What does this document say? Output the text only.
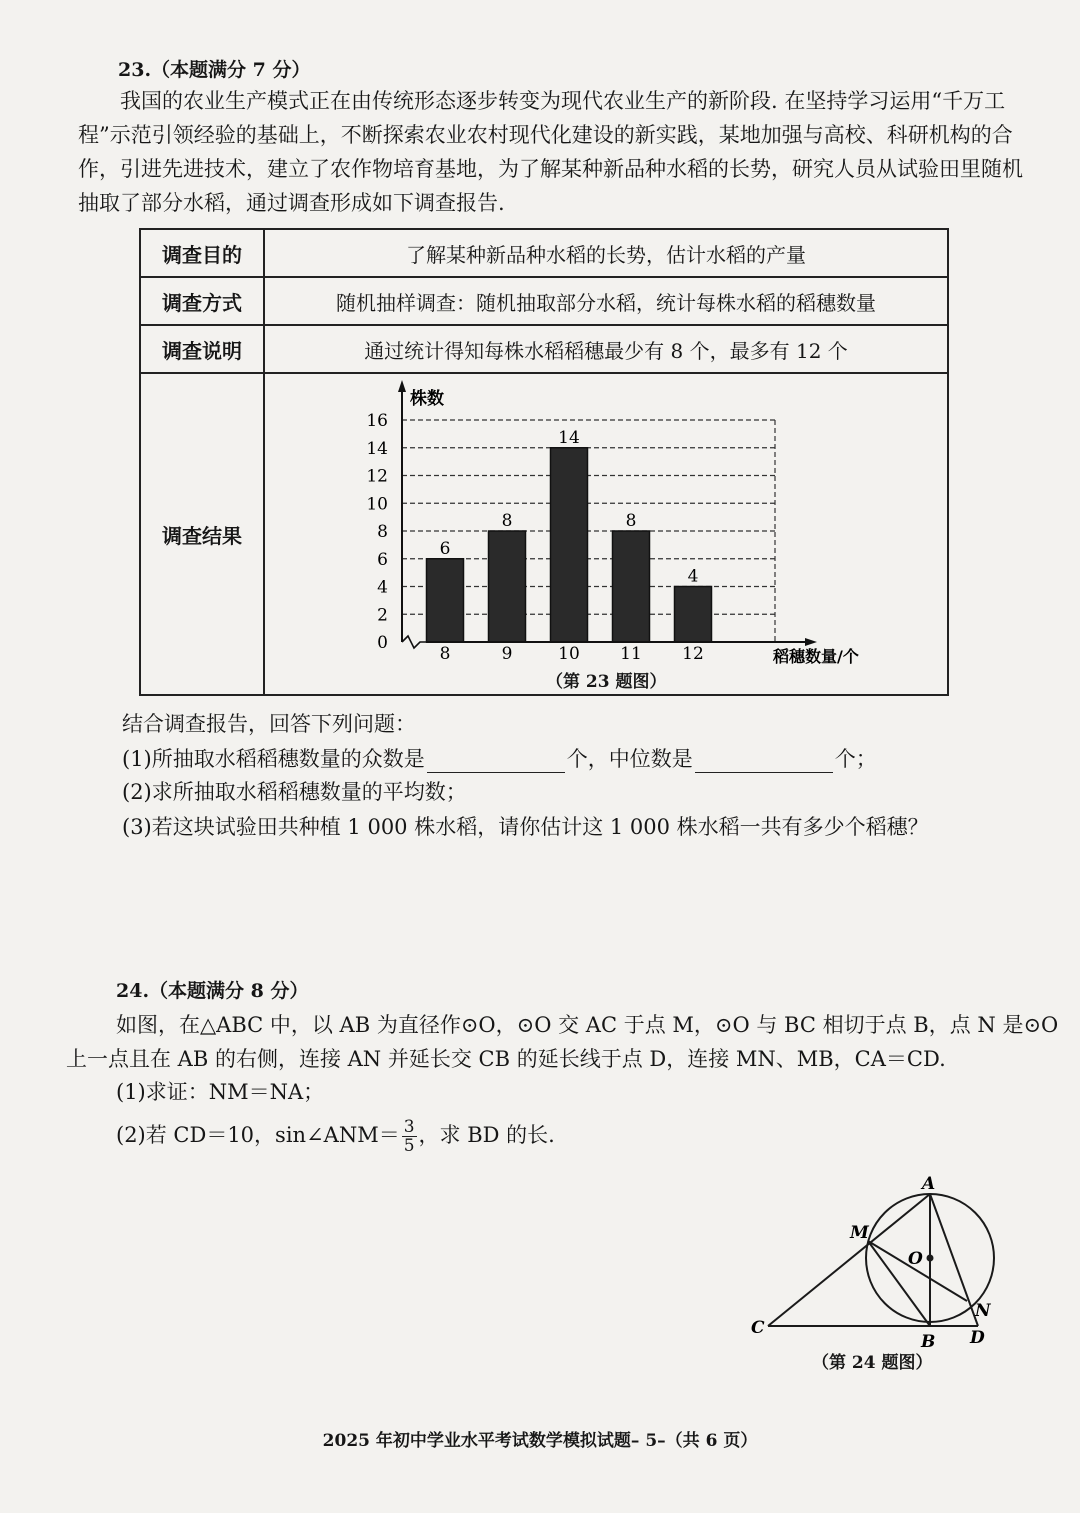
23.（本题满分 7 分）
我国的农业生产模式正在由传统形态逐步转变为现代农业生产的新阶段. 在坚持学习运用“千万工程”示范引领经验的基础上，不断探索农业农村现代化建设的新实践，某地加强与高校、科研机构的合作，引进先进技术，建立了农作物培育基地，为了解某种新品种水稻的长势，研究人员从试验田里随机抽取了部分水稻，通过调查形成如下调查报告.
调查目的	了解某种新品种水稻的长势，估计水稻的产量
调查方式	随机抽样调查：随机抽取部分水稻，统计每株水稻的稻穗数量
调查说明	通过统计得知每株水稻稻穗最少有 8 个，最多有 12 个
调查结果	
0
2
4
6
8
10
12
14
16
6
8
8
9
14
10
8
11
4
12
株数
稻穗数量/个
（第 23 题图）
结合调查报告，回答下列问题：
(1)所抽取水稻稻穗数量的众数是	个，中位数是	个；
(2)求所抽取水稻稻穗数量的平均数；
(3)若这块试验田共种植 1 000 株水稻，请你估计这 1 000 株水稻一共有多少个稻穗？
24.（本题满分 8 分）
如图，在△ABC 中，以 AB 为直径作⊙O，⊙O 交 AC 于点 M，⊙O 与 BC 相切于点 B，点 N 是⊙O
上一点且在 AB 的右侧，连接 AN 并延长交 CB 的延长线于点 D，连接 MN、MB，CA＝CD.
(1)求证：NM＝NA；
(2)若 CD＝10，sin∠ANM＝ $\frac{3}{5}$ ，求 BD 的长.
A
M
O
N
C
B D
（第 24 题图）
2025 年初中学业水平考试数学模拟试题– 5–（共 6 页）
